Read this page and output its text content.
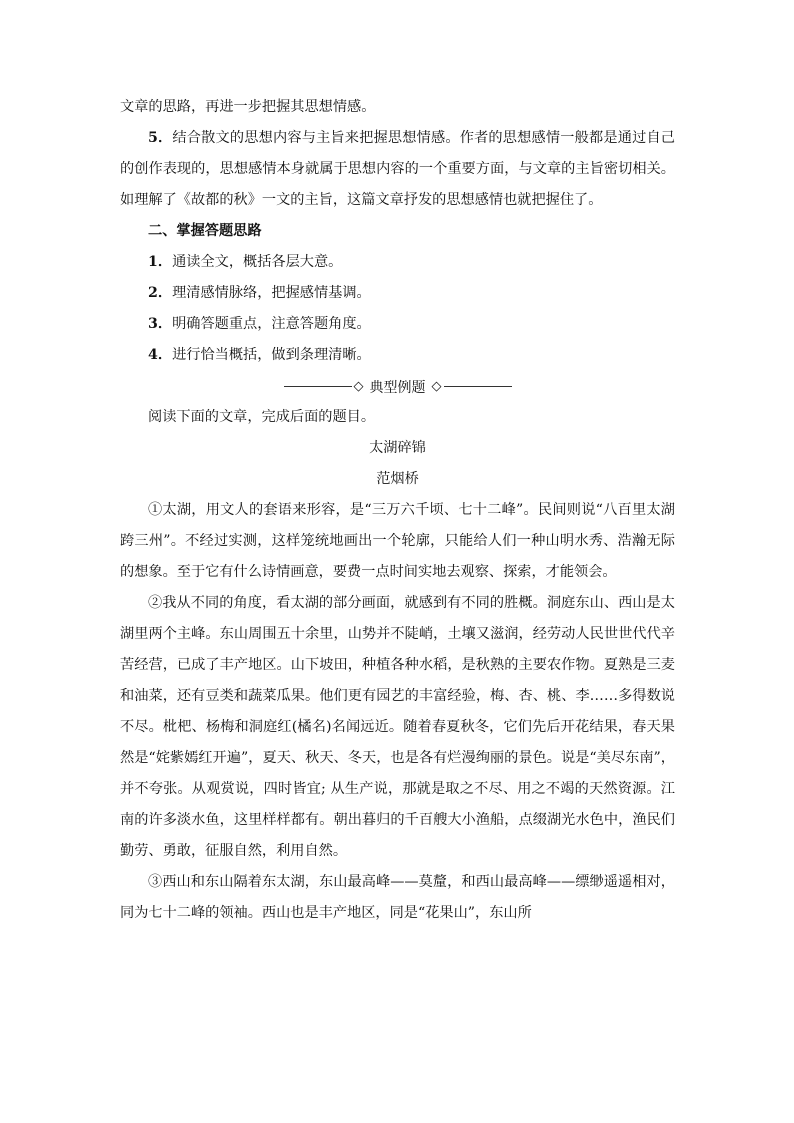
文章的思路，再进一步把握其思想情感。

5．结合散文的思想内容与主旨来把握思想情感。作者的思想感情一般都是通过自己的创作表现的，思想感情本身就属于思想内容的一个重要方面，与文章的主旨密切相关。如理解了《故都的秋》一文的主旨，这篇文章抒发的思想感情也就把握住了。

二、掌握答题思路

1．通读全文，概括各层大意。

2．理清感情脉络，把握感情基调。

3．明确答题重点，注意答题角度。

4．进行恰当概括，做到条理清晰。

◇ 典型例题 ◇

阅读下面的文章，完成后面的题目。

太湖碎锦

范烟桥

①太湖，用文人的套语来形容，是“三万六千顷、七十二峰”。民间则说“八百里太湖跨三州”。不经过实测，这样笼统地画出一个轮廓，只能给人们一种山明水秀、浩瀚无际的想象。至于它有什么诗情画意，要费一点时间实地去观察、探索，才能领会。

②我从不同的角度，看太湖的部分画面，就感到有不同的胜概。洞庭东山、西山是太湖里两个主峰。东山周围五十余里，山势并不陡峭，土壤又滋润，经劳动人民世世代代辛苦经营，已成了丰产地区。山下坡田，种植各种水稻，是秋熟的主要农作物。夏熟是三麦和油菜，还有豆类和蔬菜瓜果。他们更有园艺的丰富经验，梅、杏、桃、李……多得数说不尽。枇杷、杨梅和洞庭红(橘名)名闻远近。随着春夏秋冬，它们先后开花结果，春天果然是“姹紫嫣红开遍”，夏天、秋天、冬天，也是各有烂漫绚丽的景色。说是“美尽东南”，并不夸张。从观赏说，四时皆宜; 从生产说，那就是取之不尽、用之不竭的天然资源。江南的许多淡水鱼，这里样样都有。朝出暮归的千百艘大小渔船，点缀湖光水色中，渔民们勤劳、勇敢，征服自然，利用自然。

③西山和东山隔着东太湖，东山最高峰——莫釐，和西山最高峰——缥缈遥遥相对，同为七十二峰的领袖。西山也是丰产地区，同是“花果山”，东山所
